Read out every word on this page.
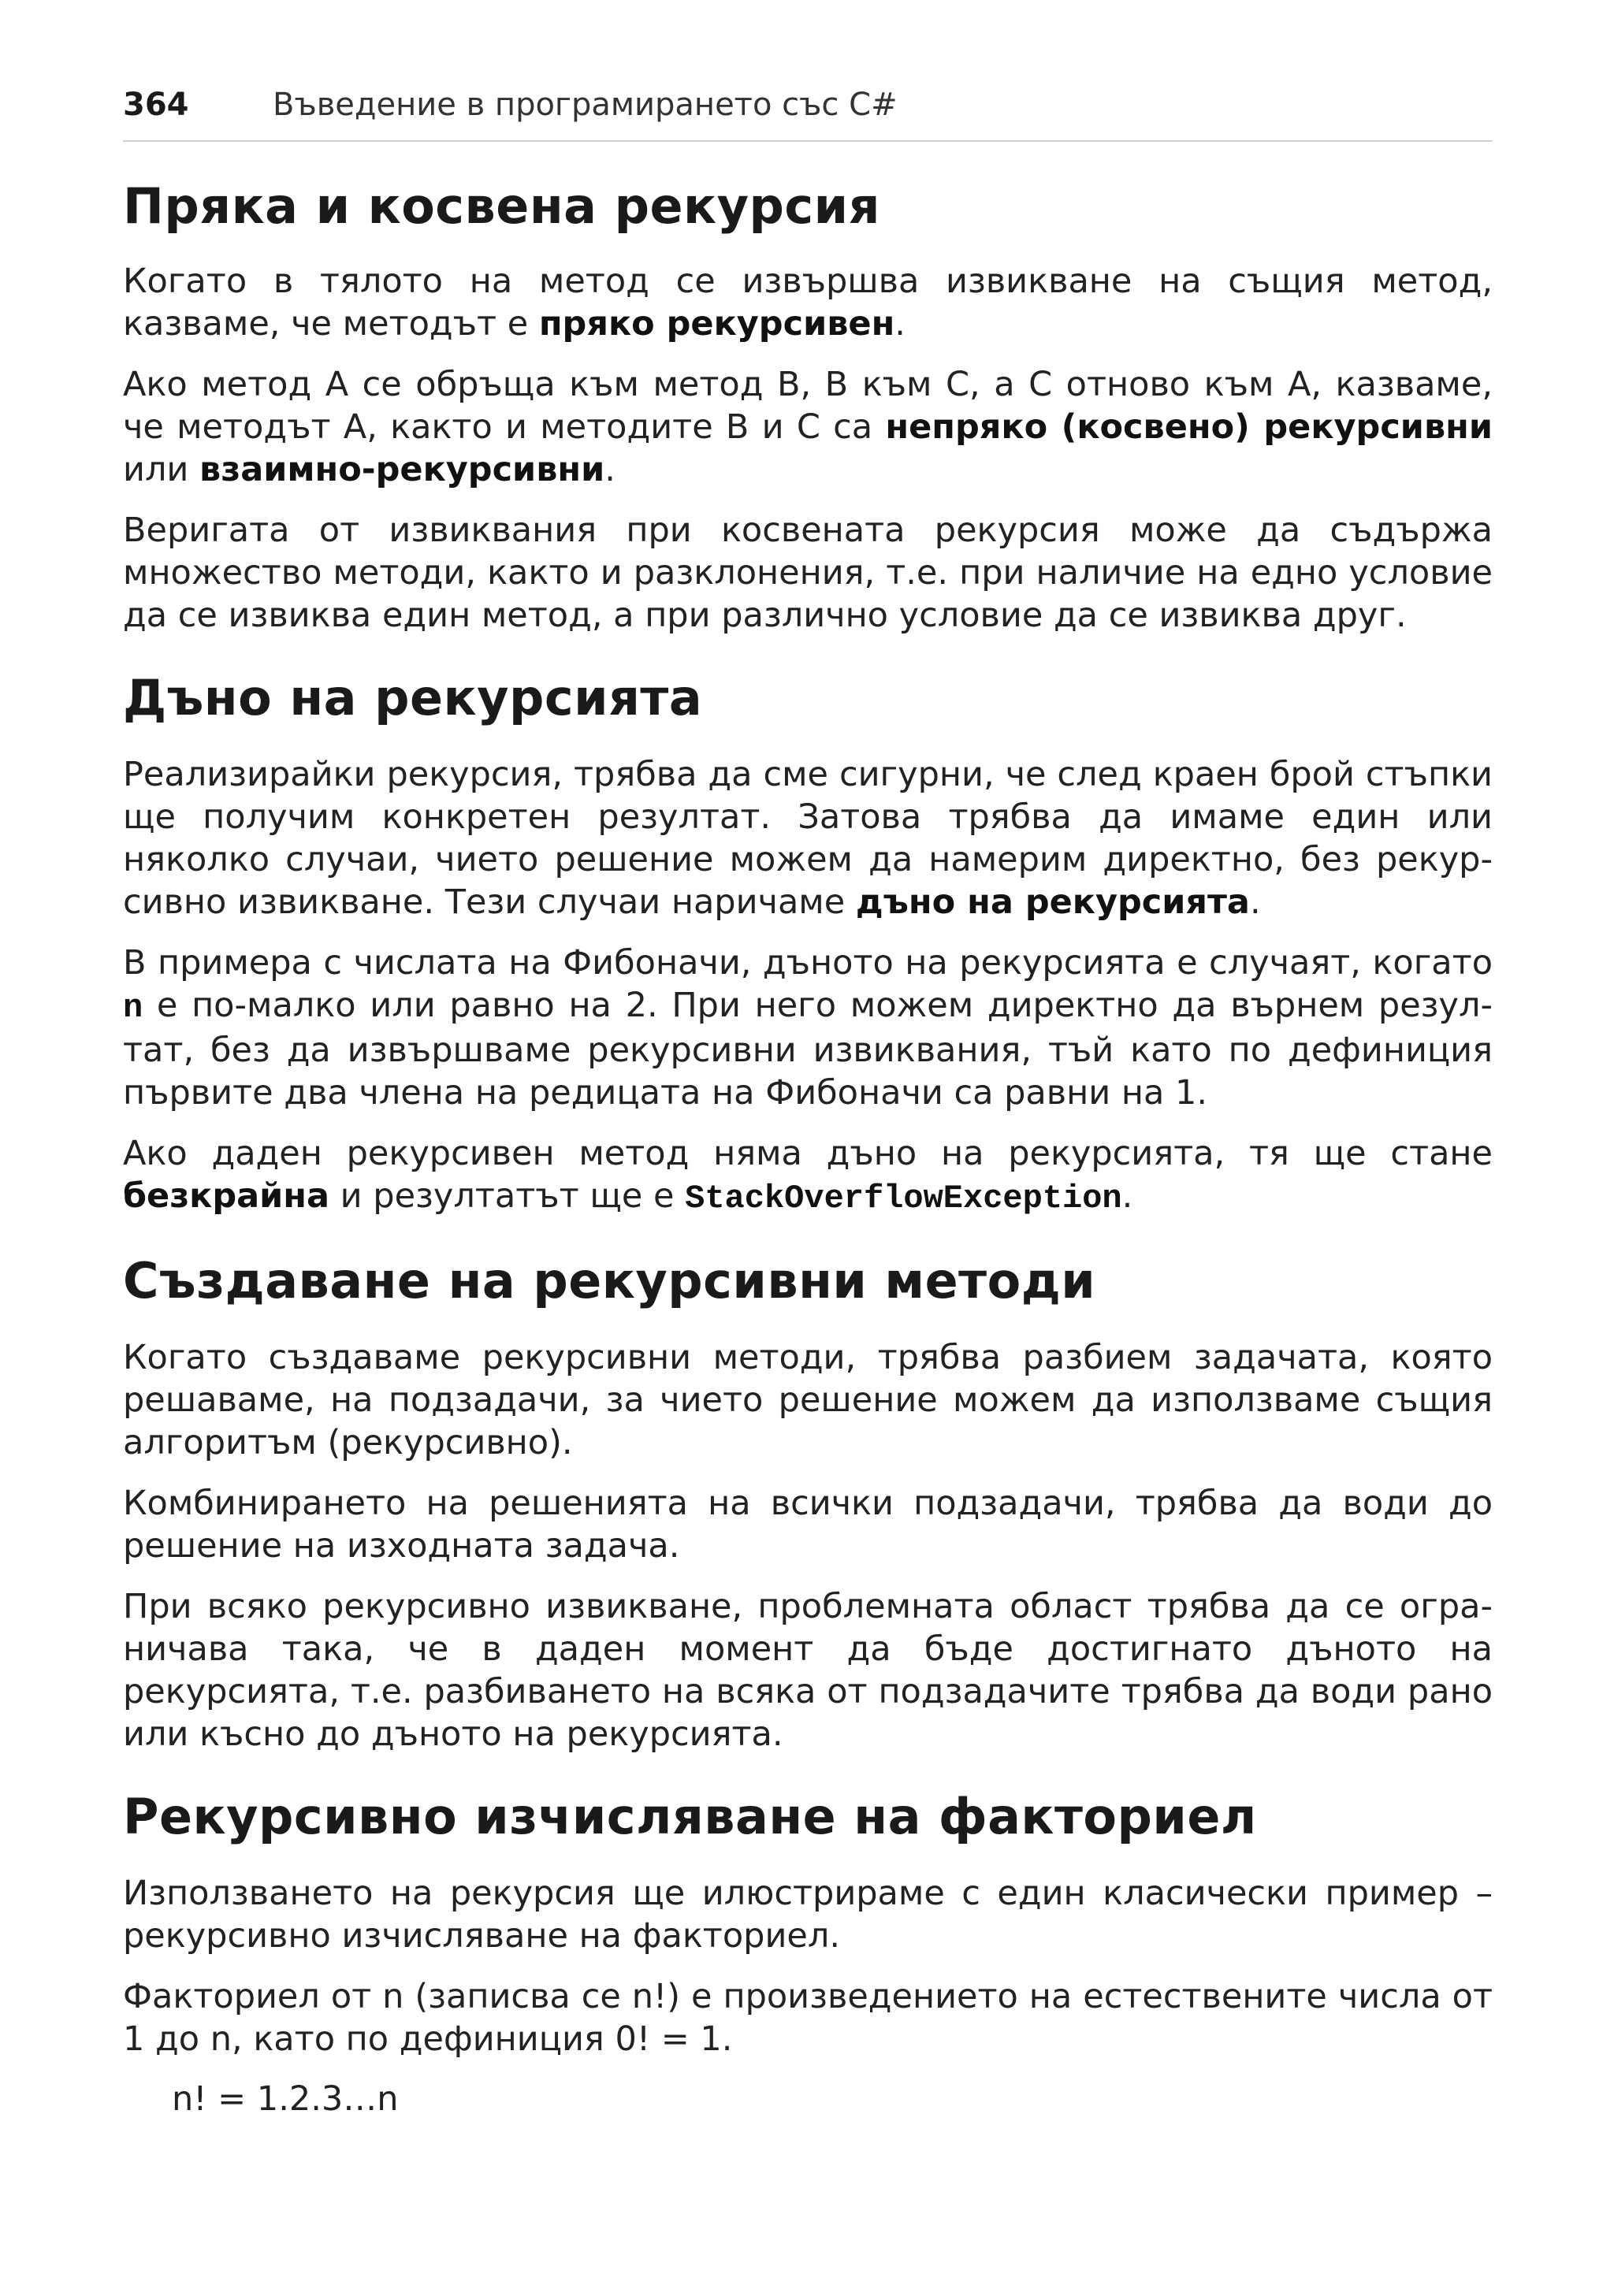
364	Въведение в програмирането със C#
Пряка и косвена рекурсия

Когато в тялото на метод се извършва извикване на същия метод, казваме, че методът е пряко рекурсивен.

Ако метод A се обръща към метод B, B към C, а C отново към A, казваме, че методът A, както и методите B и C са непряко (косвено) рекурсивни или взаимно-рекурсивни.

Веригата от извиквания при косвената рекурсия може да съдържа множество методи, както и разклонения, т.е. при наличие на едно условие да се извиква един метод, а при различно условие да се извиква друг.

Дъно на рекурсията

Реализирайки рекурсия, трябва да сме сигурни, че след краен брой стъпки ще получим конкретен резултат. Затова трябва да имаме един или няколко случаи, чието решение можем да намерим директно, без рекурсивно извикване. Тези случаи наричаме дъно на рекурсията.

В примера с числата на Фибоначи, дъното на рекурсията е случаят, когато n е по-малко или равно на 2. При него можем директно да върнем резултат, без да извършваме рекурсивни извиквания, тъй като по дефиниция първите два члена на редицата на Фибоначи са равни на 1.

Ако даден рекурсивен метод няма дъно на рекурсията, тя ще стане безкрайна и резултатът ще е StackOverflowException.

Създаване на рекурсивни методи

Когато създаваме рекурсивни методи, трябва разбием задачата, която решаваме, на подзадачи, за чието решение можем да използваме същия алгоритъм (рекурсивно).

Комбинирането на решенията на всички подзадачи, трябва да води до решение на изходната задача.

При всяко рекурсивно извикване, проблемната област трябва да се ограничава така, че в даден момент да бъде достигнато дъното на рекурсията, т.е. разбиването на всяка от подзадачите трябва да води рано или късно до дъното на рекурсията.

Рекурсивно изчисляване на факториел

Използването на рекурсия ще илюстрираме с един класически пример – рекурсивно изчисляване на факториел.

Факториел от n (записва се n!) е произведението на естествените числа от 1 до n, като по дефиниция 0! = 1.

n! = 1.2.3…n
